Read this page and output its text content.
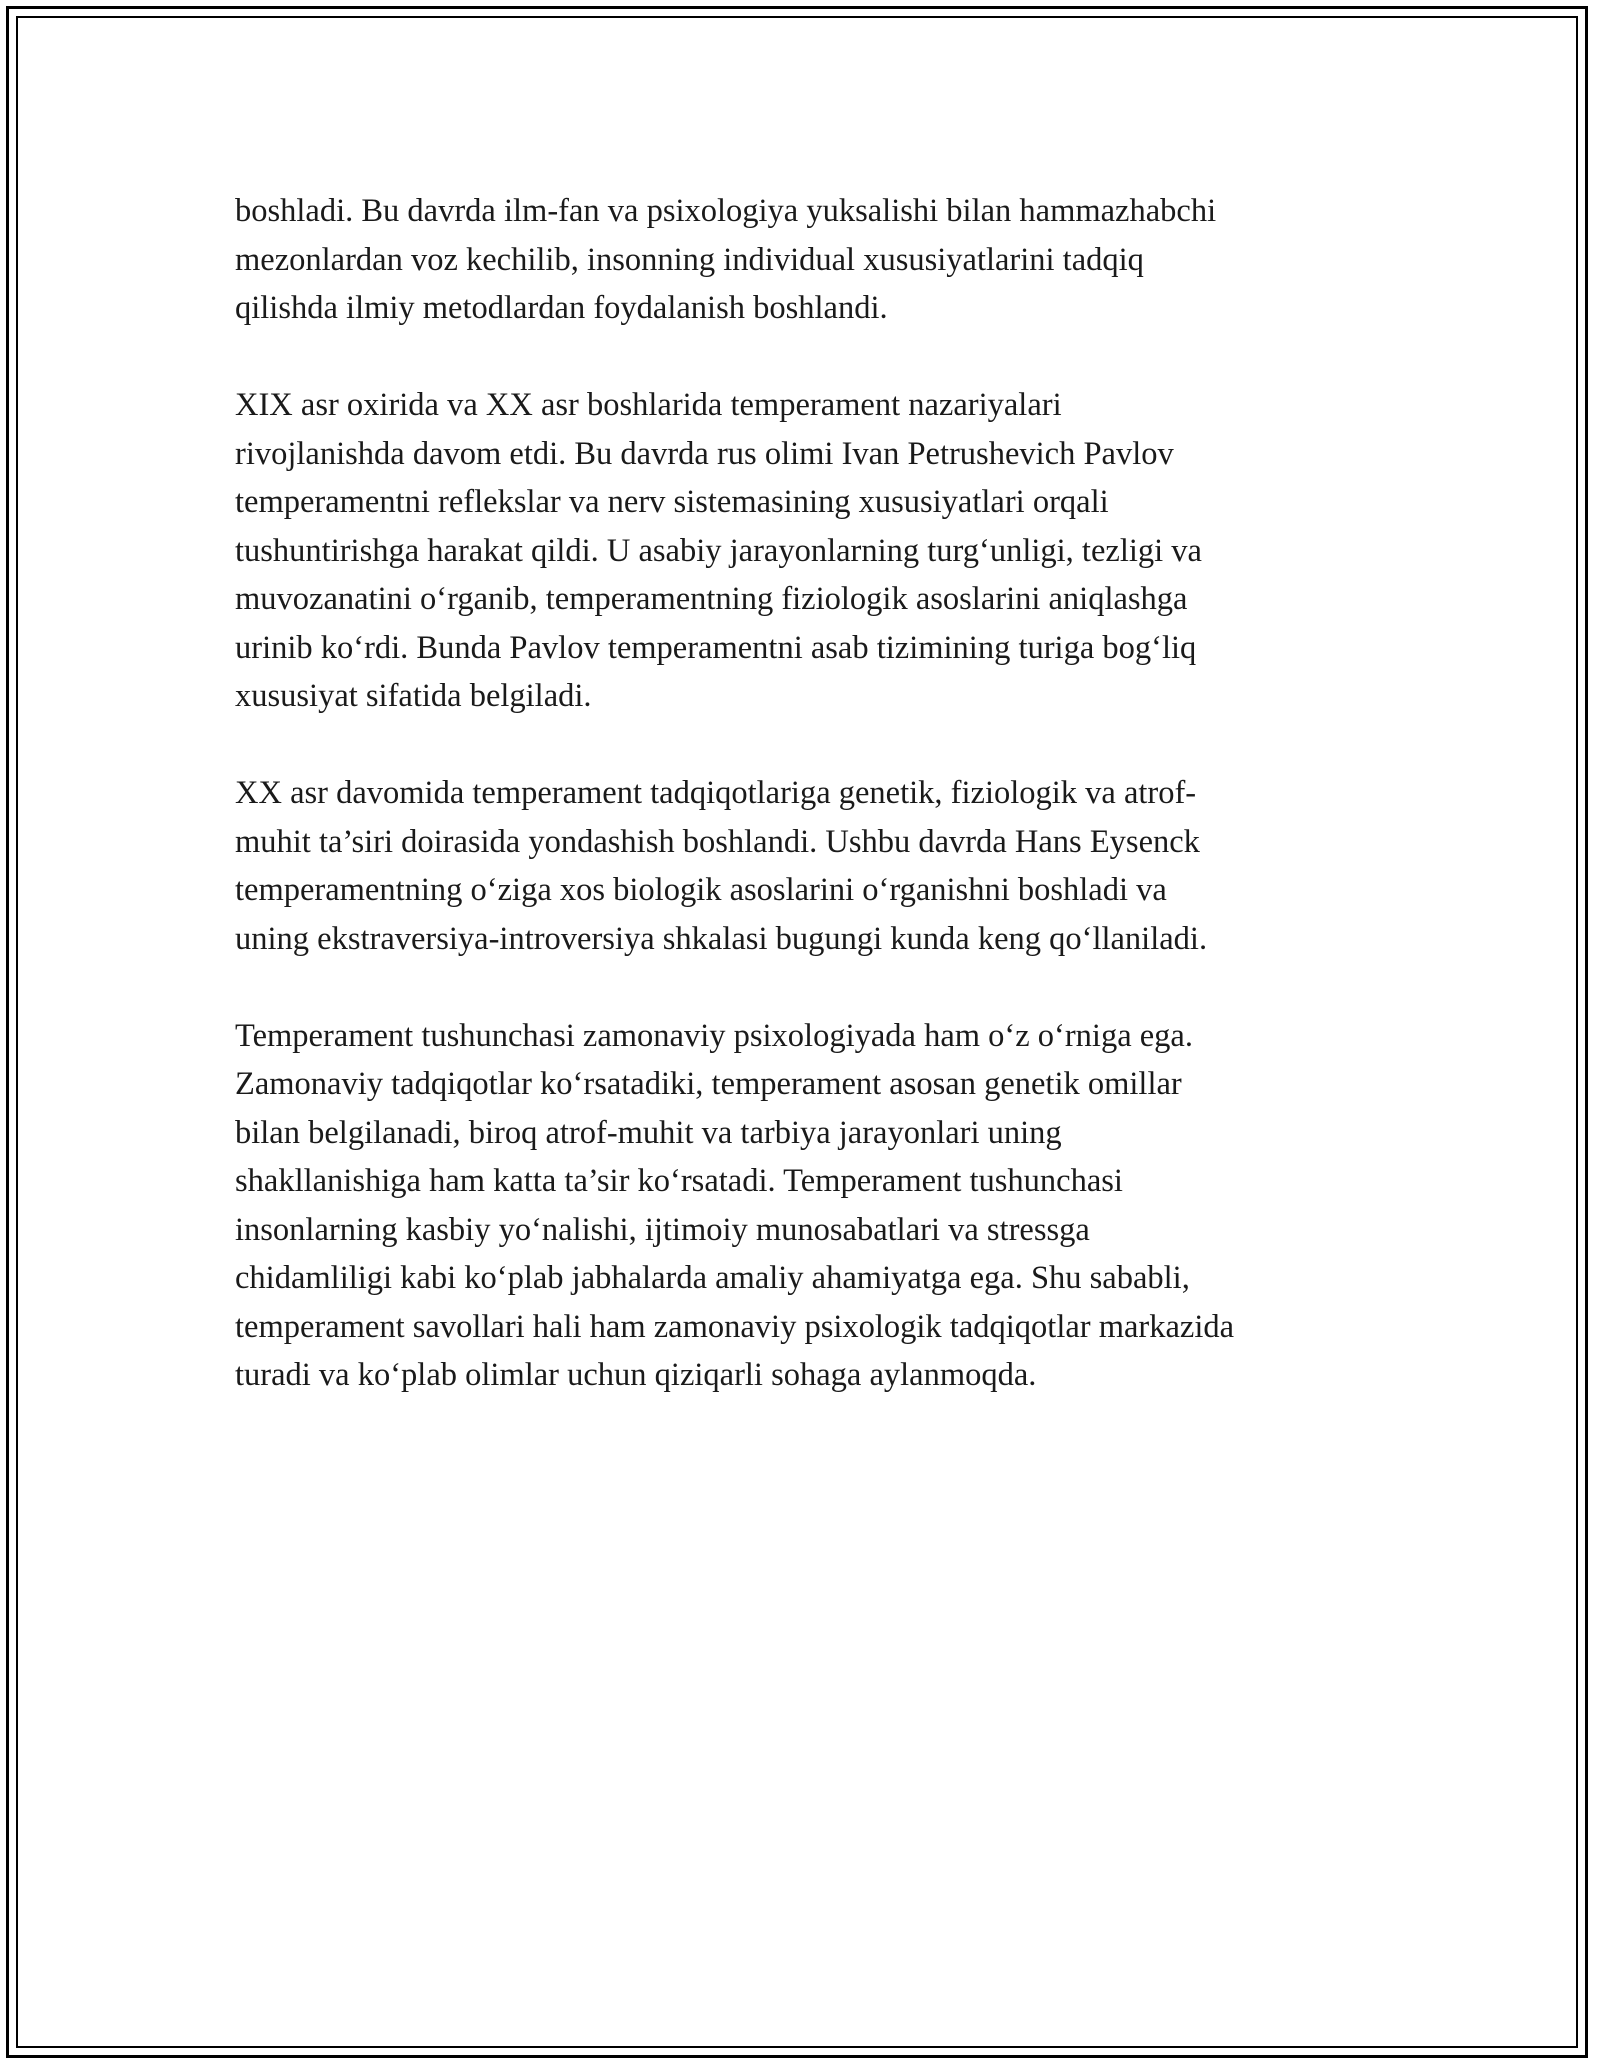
boshladi. Bu davrda ilm-fan va psixologiya yuksalishi bilan hammazhabchi
mezonlardan voz kechilib, insonning individual xususiyatlarini tadqiq
qilishda ilmiy metodlardan foydalanish boshlandi.

XIX asr oxirida va XX asr boshlarida temperament nazariyalari
rivojlanishda davom etdi. Bu davrda rus olimi Ivan Petrushevich Pavlov
temperamentni reflekslar va nerv sistemasining xususiyatlari orqali
tushuntirishga harakat qildi. U asabiy jarayonlarning turg‘unligi, tezligi va
muvozanatini o‘rganib, temperamentning fiziologik asoslarini aniqlashga
urinib ko‘rdi. Bunda Pavlov temperamentni asab tizimining turiga bog‘liq
xususiyat sifatida belgiladi.

XX asr davomida temperament tadqiqotlariga genetik, fiziologik va atrof-
muhit ta’siri doirasida yondashish boshlandi. Ushbu davrda Hans Eysenck
temperamentning o‘ziga xos biologik asoslarini o‘rganishni boshladi va
uning ekstraversiya-introversiya shkalasi bugungi kunda keng qo‘llaniladi.

Temperament tushunchasi zamonaviy psixologiyada ham o‘z o‘rniga ega.
Zamonaviy tadqiqotlar ko‘rsatadiki, temperament asosan genetik omillar
bilan belgilanadi, biroq atrof-muhit va tarbiya jarayonlari uning
shakllanishiga ham katta ta’sir ko‘rsatadi. Temperament tushunchasi
insonlarning kasbiy yo‘nalishi, ijtimoiy munosabatlari va stressga
chidamliligi kabi ko‘plab jabhalarda amaliy ahamiyatga ega. Shu sababli,
temperament savollari hali ham zamonaviy psixologik tadqiqotlar markazida
turadi va ko‘plab olimlar uchun qiziqarli sohaga aylanmoqda.
